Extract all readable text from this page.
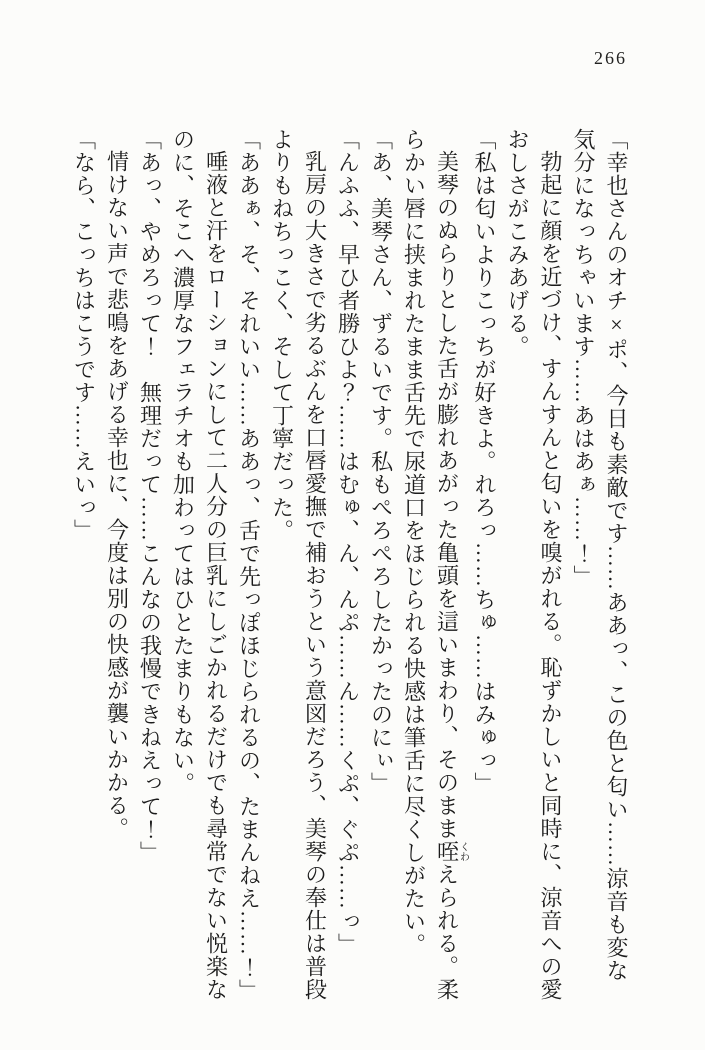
266

「幸也さんのオチ×ポ、今日も素敵です……ああっ、この色と匂い……涼音も変な気分になっちゃいます……あはあぁ……！」

勃起に顔を近づけ、すんすんと匂いを嗅がれる。恥ずかしいと同時に、涼音への愛おしさがこみあげる。

「私は匂いよりこっちが好きよ。れろっ……ちゅ……はみゅっ」

美琴のぬらりとした舌が膨れあがった亀頭を這いまわり、そのまま咥くわえられる。柔らかい唇に挟まれたまま舌先で尿道口をほじられる快感は筆舌に尽くしがたい。

「あ、美琴さん、ずるいです。私もぺろぺろしたかったのにぃ」

「んふふ、早ひ者勝ひよ？……はむゅ、ん、んぷ……ん……くぷ、ぐぷ……っ」

乳房の大きさで劣るぶんを口唇愛撫で補おうという意図だろう、美琴の奉仕は普段よりもねちっこく、そして丁寧だった。

「ああぁ、そ、それいい……ああっ、舌で先っぽほじられるの、たまんねえ……！」

唾液と汗をローションにして二人分の巨乳にしごかれるだけでも尋常でない悦楽なのに、そこへ濃厚なフェラチオも加わってはひとたまりもない。

「あっ、やめろって！　無理だって……こんなの我慢できねえって！」

情けない声で悲鳴をあげる幸也に、今度は別の快感が襲いかかる。

「なら、こっちはこうです……えいっ」
